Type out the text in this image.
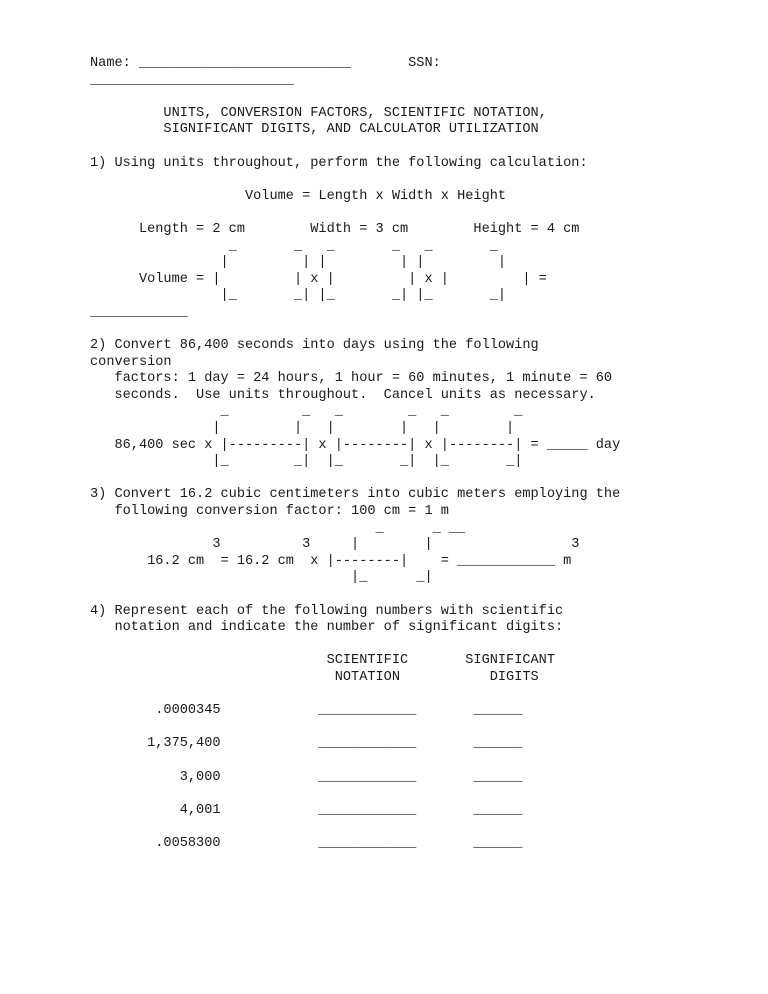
Name: __________________________       SSN:
_________________________

UNITS, CONVERSION FACTORS, SCIENTIFIC NOTATION,
SIGNIFICANT DIGITS, AND CALCULATOR UTILIZATION

1) Using units throughout, perform the following calculation:

Volume = Length x Width x Height

Length = 2 cm        Width = 3 cm        Height = 4 cm
_       _   _       _   _       _
|         | |         | |         |
Volume = |         | x |         | x |         | =
|_       _| |_       _| |_       _|
____________

2) Convert 86,400 seconds into days using the following
conversion
factors: 1 day = 24 hours, 1 hour = 60 minutes, 1 minute = 60
seconds.  Use units throughout.  Cancel units as necessary.
_         _   _        _   _        _
|         |   |        |   |        |
86,400 sec x |---------| x |--------| x |--------| = _____ day
|_        _|  |_       _|  |_       _|

3) Convert 16.2 cubic centimeters into cubic meters employing the
following conversion factor: 100 cm = 1 m
_      _ __
3          3     |        |                 3
16.2 cm  = 16.2 cm  x |--------|    = ____________ m
|_      _|

4) Represent each of the following numbers with scientific
notation and indicate the number of significant digits:

SCIENTIFIC       SIGNIFICANT
NOTATION           DIGITS

.0000345            ____________       ______

1,375,400            ____________       ______

3,000            ____________       ______

4,001            ____________       ______

.0058300            ____________       ______
